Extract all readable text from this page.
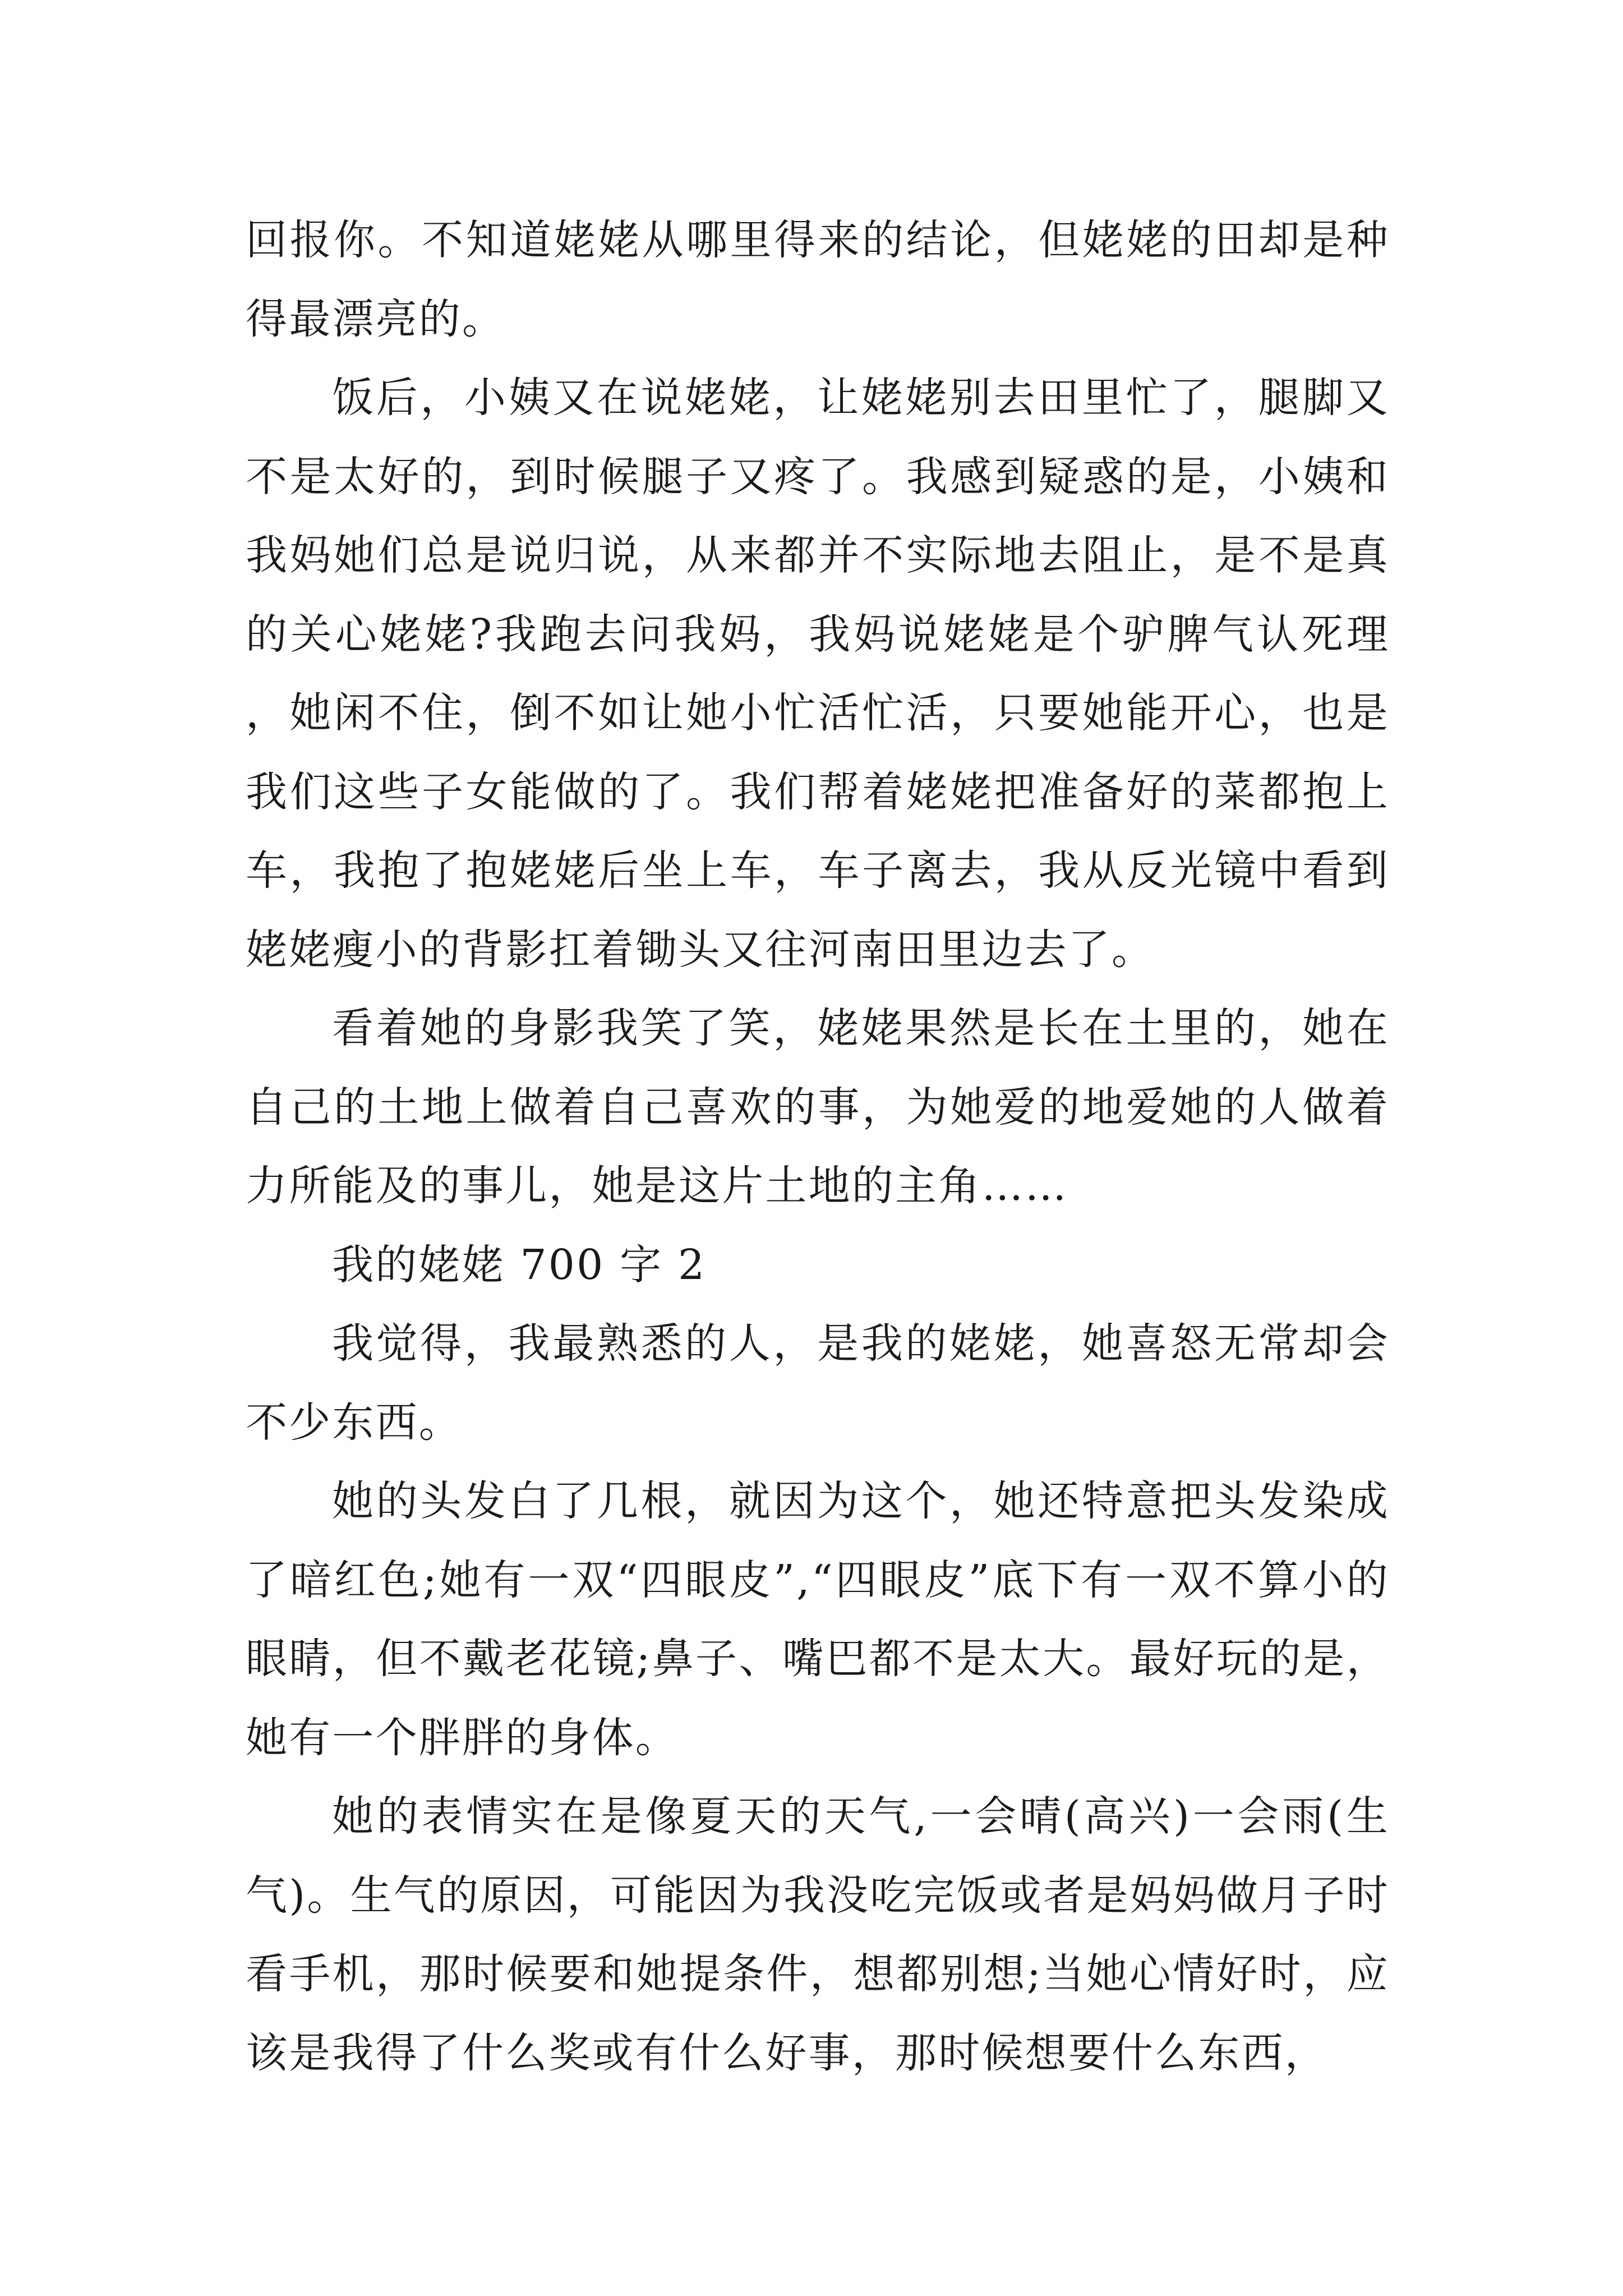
回报你。不知道姥姥从哪里得来的结论，但姥姥的田却是种得最漂亮的。

饭后，小姨又在说姥姥，让姥姥别去田里忙了，腿脚又不是太好的，到时候腿子又疼了。我感到疑惑的是，小姨和我妈她们总是说归说，从来都并不实际地去阻止，是不是真的关心姥姥?我跑去问我妈，我妈说姥姥是个驴脾气认死理，她闲不住，倒不如让她小忙活忙活，只要她能开心，也是我们这些子女能做的了。我们帮着姥姥把准备好的菜都抱上车，我抱了抱姥姥后坐上车，车子离去，我从反光镜中看到姥姥瘦小的背影扛着锄头又往河南田里边去了。

看着她的身影我笑了笑，姥姥果然是长在土里的，她在自己的土地上做着自己喜欢的事，为她爱的地爱她的人做着力所能及的事儿，她是这片土地的主角……

我的姥姥 700 字 2

我觉得，我最熟悉的人，是我的姥姥，她喜怒无常却会不少东西。

她的头发白了几根，就因为这个，她还特意把头发染成了暗红色;她有一双“四眼皮”,“四眼皮”底下有一双不算小的眼睛，但不戴老花镜;鼻子、嘴巴都不是太大。最好玩的是，她有一个胖胖的身体。

她的表情实在是像夏天的天气,一会晴(高兴)一会雨(生气)。生气的原因，可能因为我没吃完饭或者是妈妈做月子时看手机，那时候要和她提条件，想都别想;当她心情好时，应该是我得了什么奖或有什么好事，那时候想要什么东西，
